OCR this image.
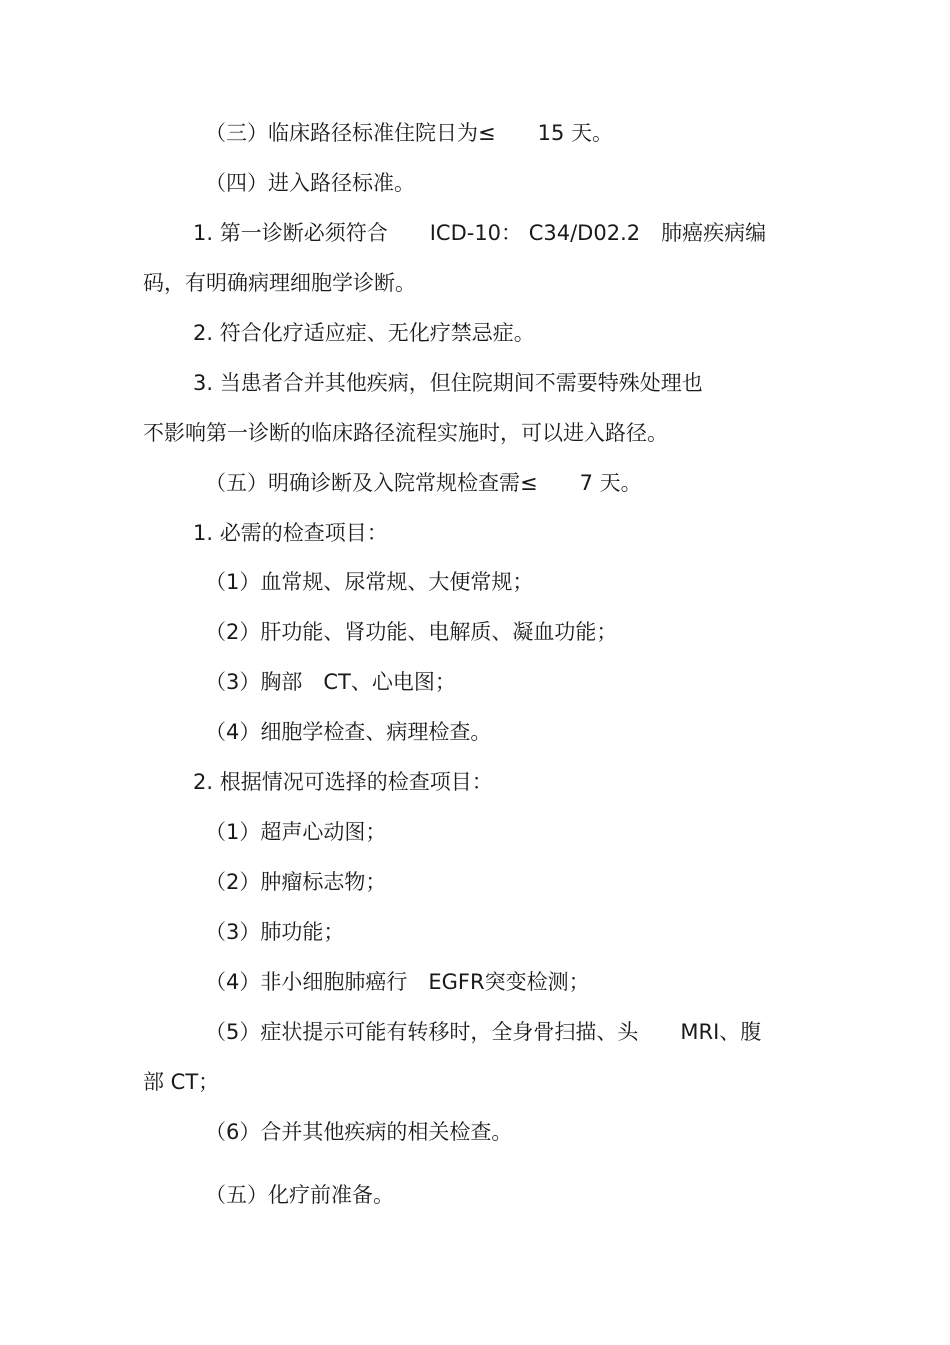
（三）临床路径标准住院日为≤　　15 天。

（四）进入路径标准。

1. 第一诊断必须符合　　ICD-10： C34/D02.2　肺癌疾病编

码，有明确病理细胞学诊断。

2. 符合化疗适应症、无化疗禁忌症。

3. 当患者合并其他疾病，但住院期间不需要特殊处理也

不影响第一诊断的临床路径流程实施时，可以进入路径。

（五）明确诊断及入院常规检查需≤　　7 天。

1. 必需的检查项目：

（1）血常规、尿常规、大便常规；

（2）肝功能、肾功能、电解质、凝血功能；

（3）胸部　CT、心电图；

（4）细胞学检查、病理检查。

2. 根据情况可选择的检查项目：

（1）超声心动图；

（2）肿瘤标志物；

（3）肺功能；

（4）非小细胞肺癌行　EGFR突变检测；

（5）症状提示可能有转移时，全身骨扫描、头　　MRI、腹

部 CT；

（6）合并其他疾病的相关检查。

（五）化疗前准备。
